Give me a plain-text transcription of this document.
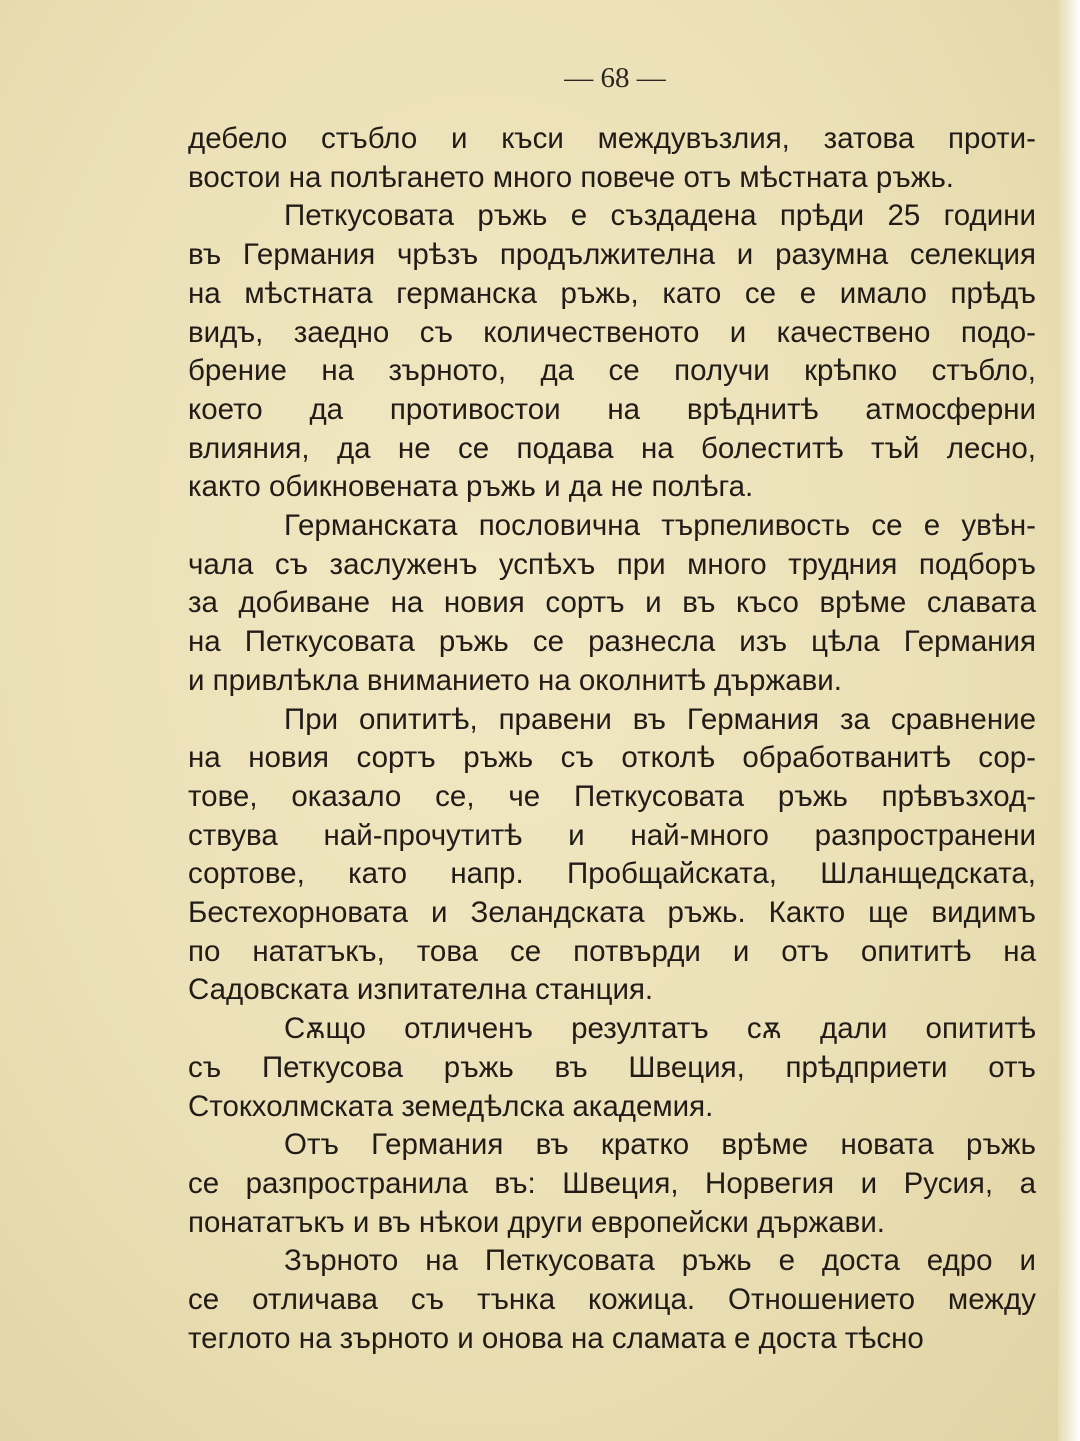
— 68 —
дебело стъбло и къси междувъзлия, затова проти-
востои на полѣгането много повече отъ мѣстната ръжь.
Петкусовата ръжь е създадена прѣди 25 години
въ Германия чрѣзъ продължителна и разумна селекция
на мѣстната германска ръжь, като се е имало прѣдъ
видъ, заедно съ количественото и качествено подо-
брение на зърното, да се получи крѣпко стъбло,
което да противостои на врѣднитѣ атмосферни
влияния, да не се подава на болеститѣ тъй лесно,
както обикновената ръжь и да не полѣга.
Германската пословична търпеливость се е увѣн-
чала съ заслуженъ успѣхъ при много трудния подборъ
за добиване на новия сортъ и въ късо врѣме славата
на Петкусовата ръжь се разнесла изъ цѣла Германия
и привлѣкла вниманието на околнитѣ държави.
При опититѣ, правени въ Германия за сравнение
на новия сортъ ръжь съ отколѣ обработванитѣ сор-
тове, оказало се, че Петкусовата ръжь прѣвъзход-
ствува най-прочутитѣ и най-много разпространени
сортове, като напр. Пробщайската, Шланщедската,
Бестехорновата и Зеландската ръжь. Както ще видимъ
по нататъкъ, това се потвърди и отъ опититѣ на
Садовската изпитателна станция.
Сѫщо отличенъ резултатъ сѫ дали опититѣ
съ Петкусова ръжь въ Швеция, прѣдприети отъ
Стокхолмската земедѣлска академия.
Отъ Германия въ кратко врѣме новата ръжь
се разпространила въ: Швеция, Норвегия и Русия, а
понататъкъ и въ нѣкои други европейски държави.
Зърното на Петкусовата ръжь е доста едро и
се отличава съ тънка кожица. Отношението между
теглото на зърното и онова на сламата е доста тѣсно
